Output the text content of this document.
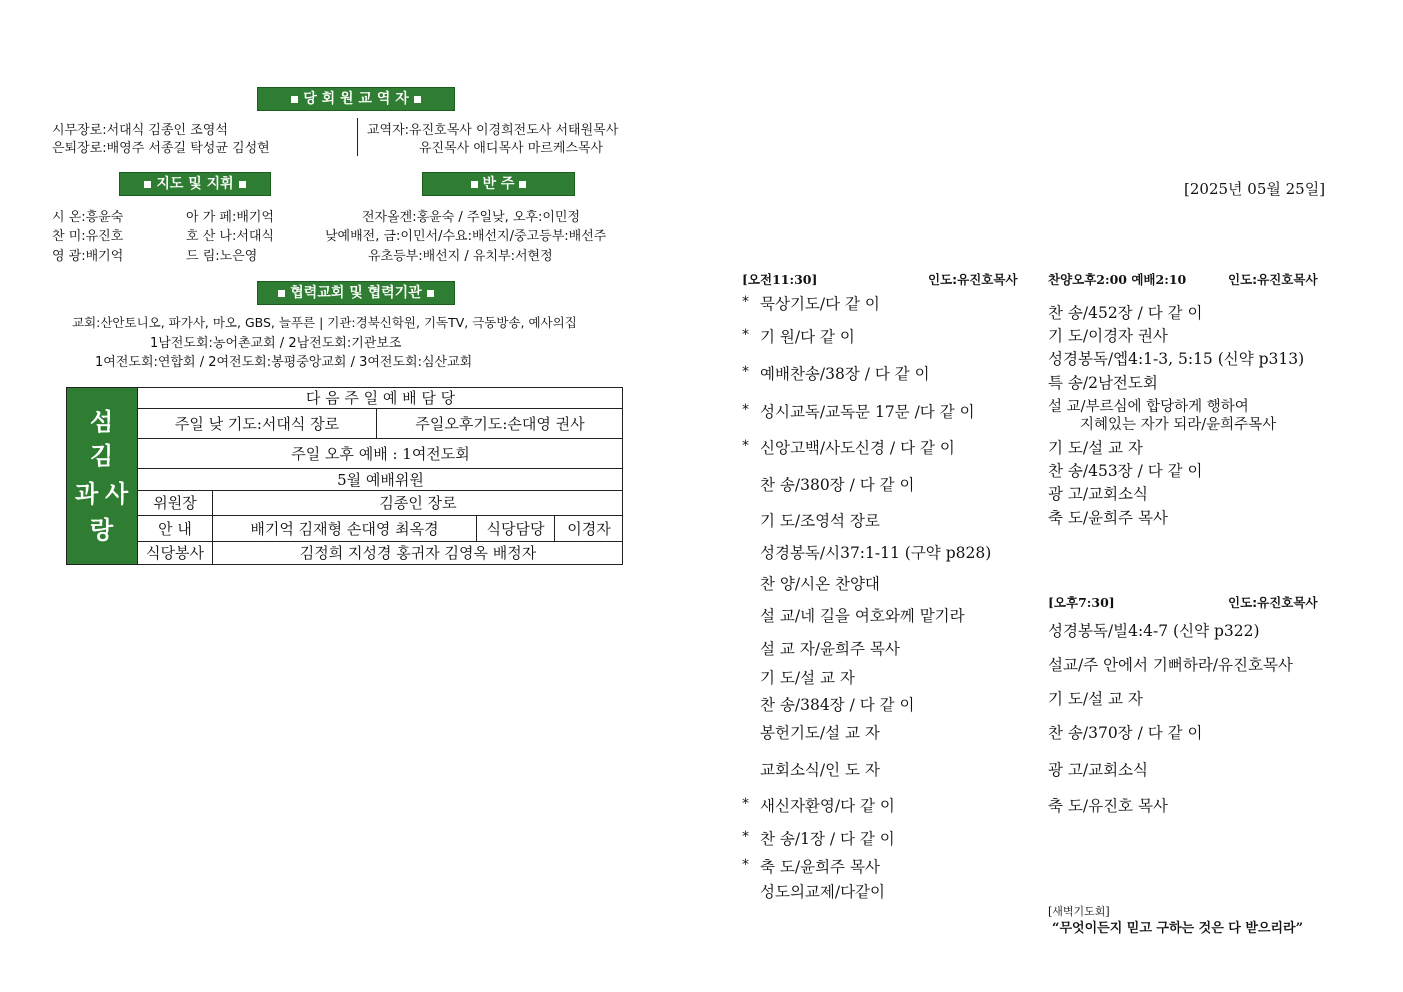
당 회 원 교 역 자
시무장로:서대식 김종인 조영석
은퇴장로:배영주 서종길 탁성균 김성현
교역자:유진호목사 이경희전도사 서태원목사
유진목사 애디목사 마르케스목사
지도 및 지휘	반 주
시 온:흥윤숙	아 가 페:배기억
찬 미:유진호	호 산 나:서대식
영 광:배기억	드 림:노은영
전자올겐:홍윤숙 / 주일낮, 오후:이민정
낮예배전, 금:이민서/수요:배선지/중고등부:배선주
유초등부:배선지 / 유치부:서현정
협력교회 및 협력기관
교회:산안토니오, 파가사, 마오, GBS, 늘푸른 | 기관:경북신학원, 기독TV, 극동방송, 예사의집
1남전도회:농어촌교회 / 2남전도회:기관보조
1여전도회:연합회 / 2여전도회:봉평중앙교회 / 3여전도회:심산교회
섬
김
과 사
랑
다 음 주 일 예 배 담 당
주일 낮 기도:서대식 장로	주일오후기도:손대영 권사
주일 오후 예배 : 1여전도회
5월 예배위원
위원장	김종인 장로
안 내	배기억 김재형 손대영 최옥경	식당담당	이경자
식당봉사	김정희 지성경 홍귀자 김영옥 배정자
[2025년 05월 25일]
[오전11:30]	인도:유진호목사
* 묵상기도/다 같 이
* 기 원/다 같 이
* 예배찬송/38장 / 다 같 이
* 성시교독/교독문 17문 /다 같 이
* 신앙고백/사도신경 / 다 같 이
찬 송/380장 / 다 같 이
기 도/조영석 장로
성경봉독/시37:1-11 (구약 p828)
찬 양/시온 찬양대
설 교/네 길을 여호와께 맡기라
설 교 자/윤희주 목사
기 도/설 교 자
찬 송/384장 / 다 같 이
봉헌기도/설 교 자
교회소식/인 도 자
* 새신자환영/다 같 이
* 찬 송/1장 / 다 같 이
* 축 도/윤희주 목사
성도의교제/다같이
찬양오후2:00 예배2:10	인도:유진호목사
찬 송/452장 / 다 같 이
기 도/이경자 권사
성경봉독/엡4:1-3, 5:15 (신약 p313)
특 송/2남전도회
설 교/부르심에 합당하게 행하여
지혜있는 자가 되라/윤희주목사
기 도/설 교 자
찬 송/453장 / 다 같 이
광 고/교회소식
축 도/윤희주 목사
[오후7:30]	인도:유진호목사
성경봉독/빌4:4-7 (신약 p322)
설교/주 안에서 기뻐하라/유진호목사
기 도/설 교 자
찬 송/370장 / 다 같 이
광 고/교회소식
축 도/유진호 목사
[새벽기도회]
“무엇이든지 믿고 구하는 것은 다 받으리라”
